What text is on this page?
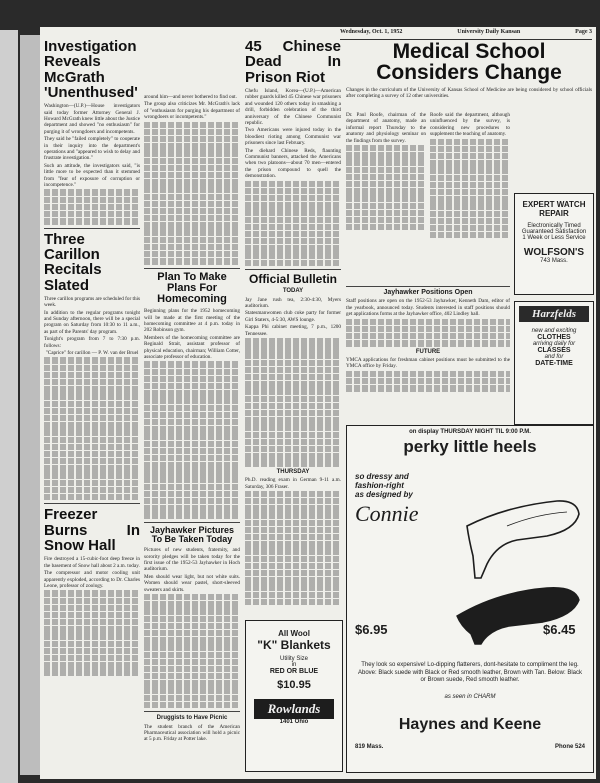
Wednesday, Oct. 1, 1952	University Daily Kansan	Page 3
Investigation Reveals McGrath 'Unenthused'

Washington—(U.P.)—House investigators said today former Attorney General J. Howard McGrath knew little about the Justice department and showed "no enthusiasm" for purging it of wrongdoers and incompetents.

They said he "failed completely" to cooperate in their inquiry into the department's operations and "appeared to wish to delay and frustrate investigation."

Such an attitude, the investigators said, "is little more to be expected than it stemmed from "fear of exposure of corruption or incompetence."

Three Carillon Recitals Slated

Three carillon programs are scheduled for this week.

In addition to the regular programs tonight and Sunday afternoon, there will be a special program on Saturday from 10:30 to 11 a.m., as part of the Parents' day program.

Tonight's program from 7 to 7:30 p.m. follows:

"Caprice" for carillon — P. W. van der Bruel

Freezer Burns In Snow Hall

Fire destroyed a 15-cubic-foot deep freeze in the basement of Snow hall about 2 a.m. today.

The compressor and motor cooling unit apparently exploded, according to Dr. Charles Leone, professor of zoology.

around him—and never bothered to find out.

The group also criticizes Mr. McGrath's lack of "enthusiasm for purging his department of wrongdoers or incompetents."

Plan To Make Plans For Homecoming

Beginning plans for the 1952 homecoming will be made at the first meeting of the homecoming committee at 4 p.m. today in 202 Robinson gym.

Members of the homecoming committee are Reginald Strait, assistant professor of physical education, chairman; William Cotter, associate professor of education.

Jayhawker Pictures To Be Taken Today

Pictures of new students, fraternity, and sorority pledges will be taken today for the first issue of the 1952-53 Jayhawker in Hoch auditorium.

Men should wear light, but not white suits. Women should wear pastel, short-sleeved sweaters and skirts.

Druggists to Have Picnic

The student branch of the American Pharmaceutical association will hold a picnic at 5 p.m. Friday at Potter lake.

45 Chinese Dead In Prison Riot

Chefu Island, Korea—(U.P.)—American rubber guards killed 45 Chinese war prisoners and wounded 120 others today in smashing a drill, forbidden celebration of the third anniversary of the Chinese Communist republic.

Two Americans were injured today in the bloodiest rioting among Communist war prisoners since last February.

The diehard Chinese Reds, flaunting Communist banners, attacked the Americans when two platoons—about 70 men—entered the prison compound to quell the demonstration.

Official Bulletin
TODAY

Jay Jane rush tea, 2:30-4:30, Myers auditorium.

Statesmanwomen club coke party for former Girl Staters, 4-5:30, AWS lounge.

Kappa Phi cabinet meeting, 7 p.m., 1200 Tennessee.

THURSDAY

Ph.D. reading exam in German 9-11 a.m. Saturday, 306 Fraser.

All Wool
"K" Blankets
Utility Size
in
RED OR BLUE
$10.95
Rowlands
1401 Ohio
Medical School Considers Change

Changes in the curriculum of the University of Kansas School of Medicine are being considered by school officials after completing a survey of 12 other universities.

Dr. Paul Roofe, chairman of the department of anatomy, made an informal report Thursday to the anatomy and physiology seminar on the findings from the survey.

Roofe said the department, although uninfluenced by the survey, is considering new procedures to supplement the teaching of anatomy.

Jayhawker Positions Open

Staff positions are open on the 1952-53 Jayhawker, Kenneth Dam, editor of the yearbook, announced today. Students interested in staff positions should get applications forms at the Jayhawker office, 402 Lindley hall.

FUTURE

YMCA applications for freshman cabinet positions must be submitted to the YMCA office by Friday.

EXPERT WATCH REPAIR
Electronically Timed
Guaranteed Satisfaction
1 Week or Less Service
WOLFSON'S
743 Mass.
Harzfelds
new and exciting
CLOTHES
arriving daily for
CLASSES
and for
DATE-TIME
on display THURSDAY NIGHT TIL 9:00 P.M.
perky little heels
so dressy and
fashion-right
as designed by
Connie
$6.95	$6.45
They look so expensive! Lo-dipping flatterers, dont-hesitate to compliment the leg. Above: Black suede with Black or Red smooth leather, Brown with Tan. Below: Black or Brown suede, Red smooth leather.
as seen in CHARM
Haynes and Keene
819 Mass.	Phone 524
